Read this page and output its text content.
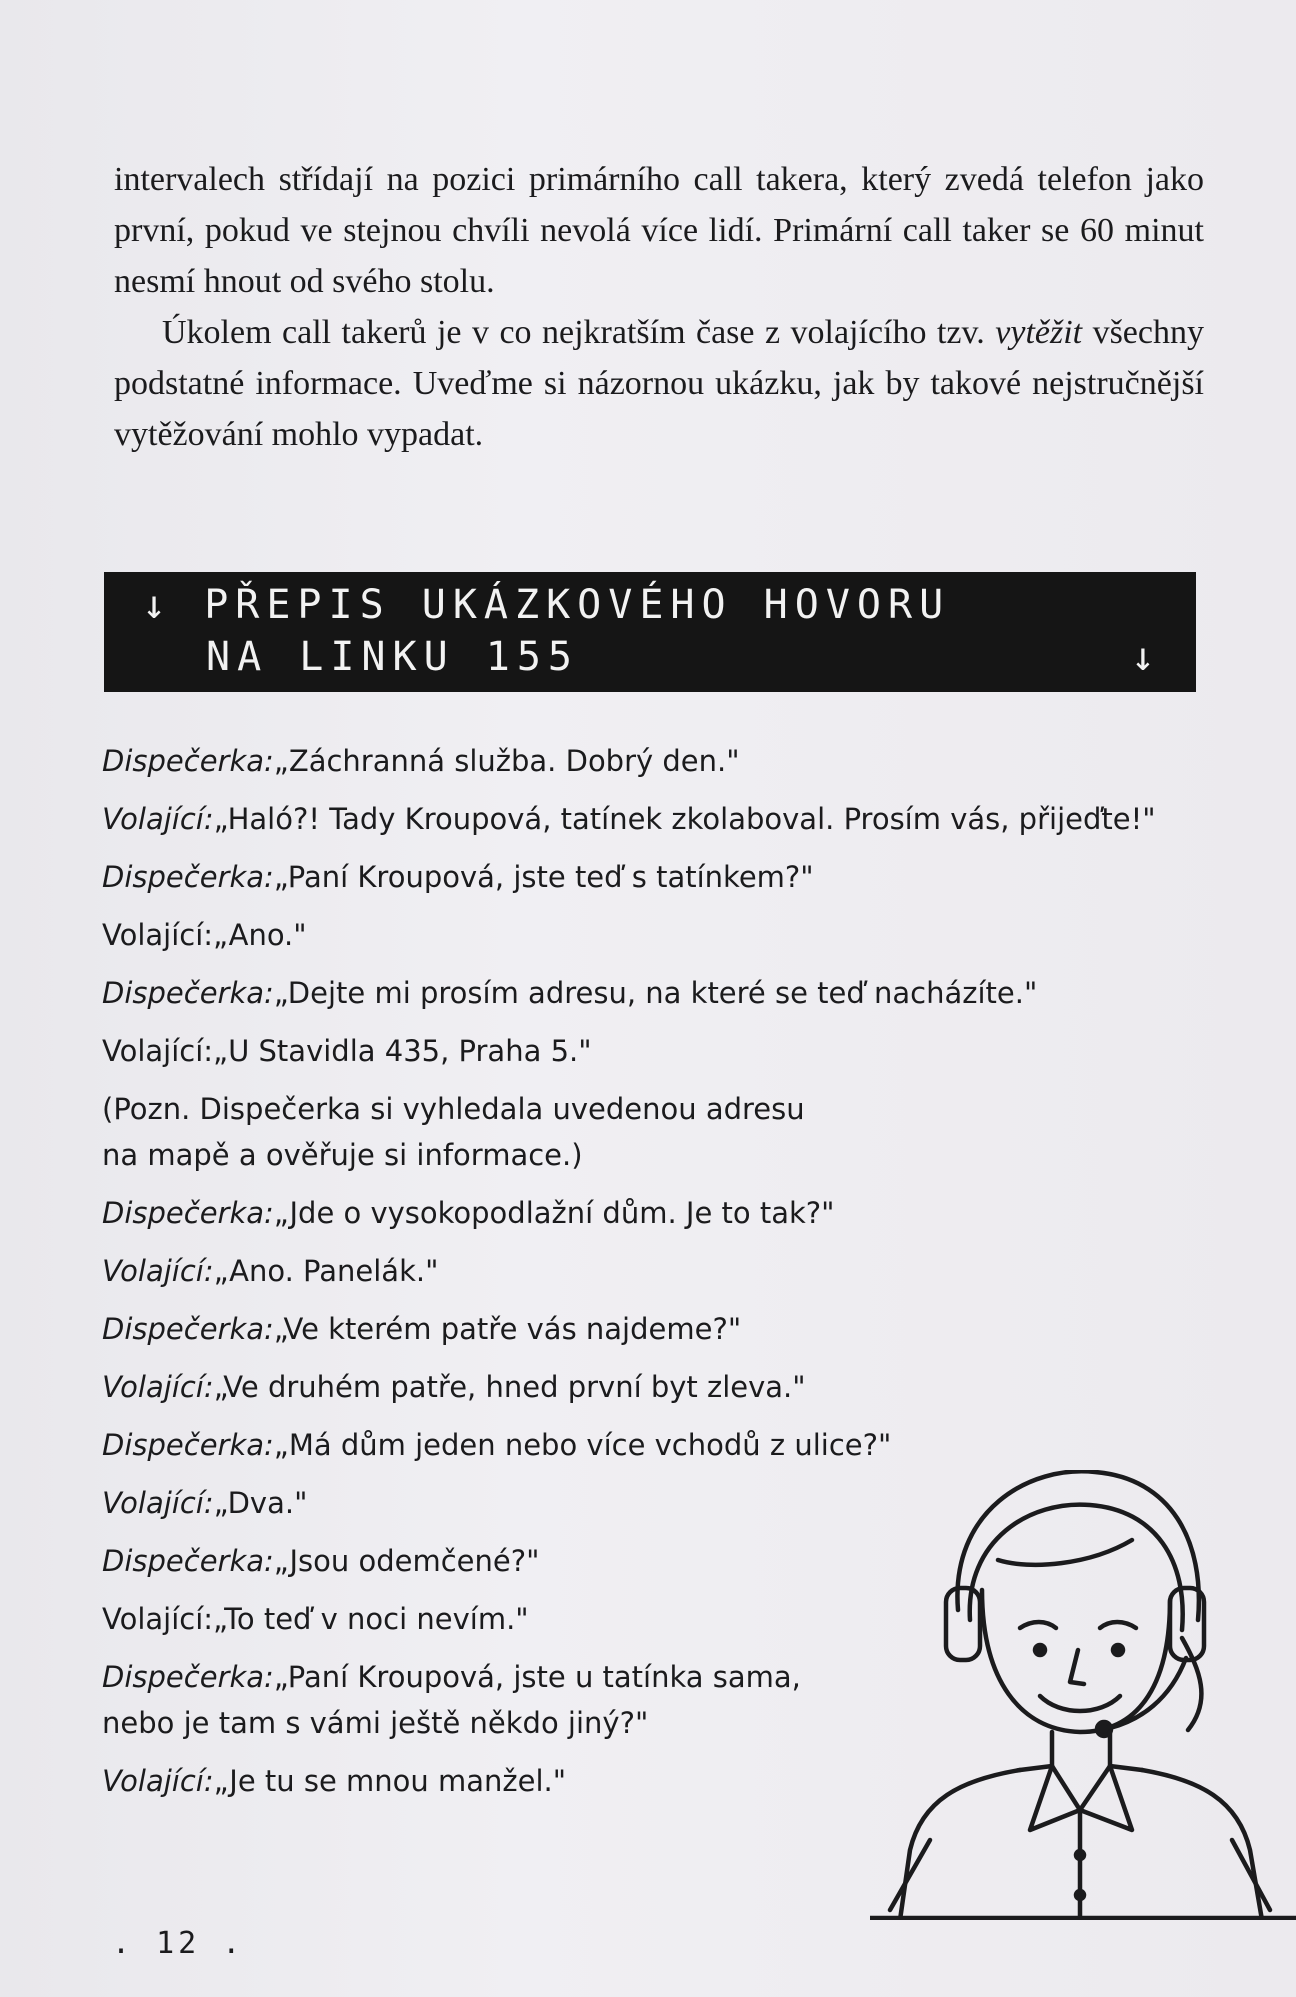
intervalech střídají na pozici primárního call takera, který zvedá telefon jako první, pokud ve stejnou chvíli nevolá více lidí. Primární call taker se 60 minut nesmí hnout od svého stolu.

Úkolem call takerů je v co nejkratším čase z volajícího tzv. vytěžit všechny podstatné informace. Uveďme si názornou ukázku, jak by takové nejstručnější vytěžování mohlo vypadat.

↓ PŘEPIS UKÁZKOVÉHO HOVORU
NA LINKU 155	↓
Dispečerka:„Záchranná služba. Dobrý den."
Volající:„Haló?! Tady Kroupová, tatínek zkolaboval. Prosím vás, přijeďte!"
Dispečerka:„Paní Kroupová, jste teď s tatínkem?"
Volající:„Ano."
Dispečerka:„Dejte mi prosím adresu, na které se teď nacházíte."
Volající:„U Stavidla 435, Praha 5."
(Pozn. Dispečerka si vyhledala uvedenou adresu na mapě a ověřuje si informace.)
Dispečerka:„Jde o vysokopodlažní dům. Je to tak?"
Volající:„Ano. Panelák."
Dispečerka:„Ve kterém patře vás najdeme?"
Volající:„Ve druhém patře, hned první byt zleva."
Dispečerka:„Má dům jeden nebo více vchodů z ulice?"
Volající:„Dva."
Dispečerka:„Jsou odemčené?"
Volající:„To teď v noci nevím."
Dispečerka:„Paní Kroupová, jste u tatínka sama, nebo je tam s vámi ještě někdo jiný?"
Volající:„Je tu se mnou manžel."
. 12 .
